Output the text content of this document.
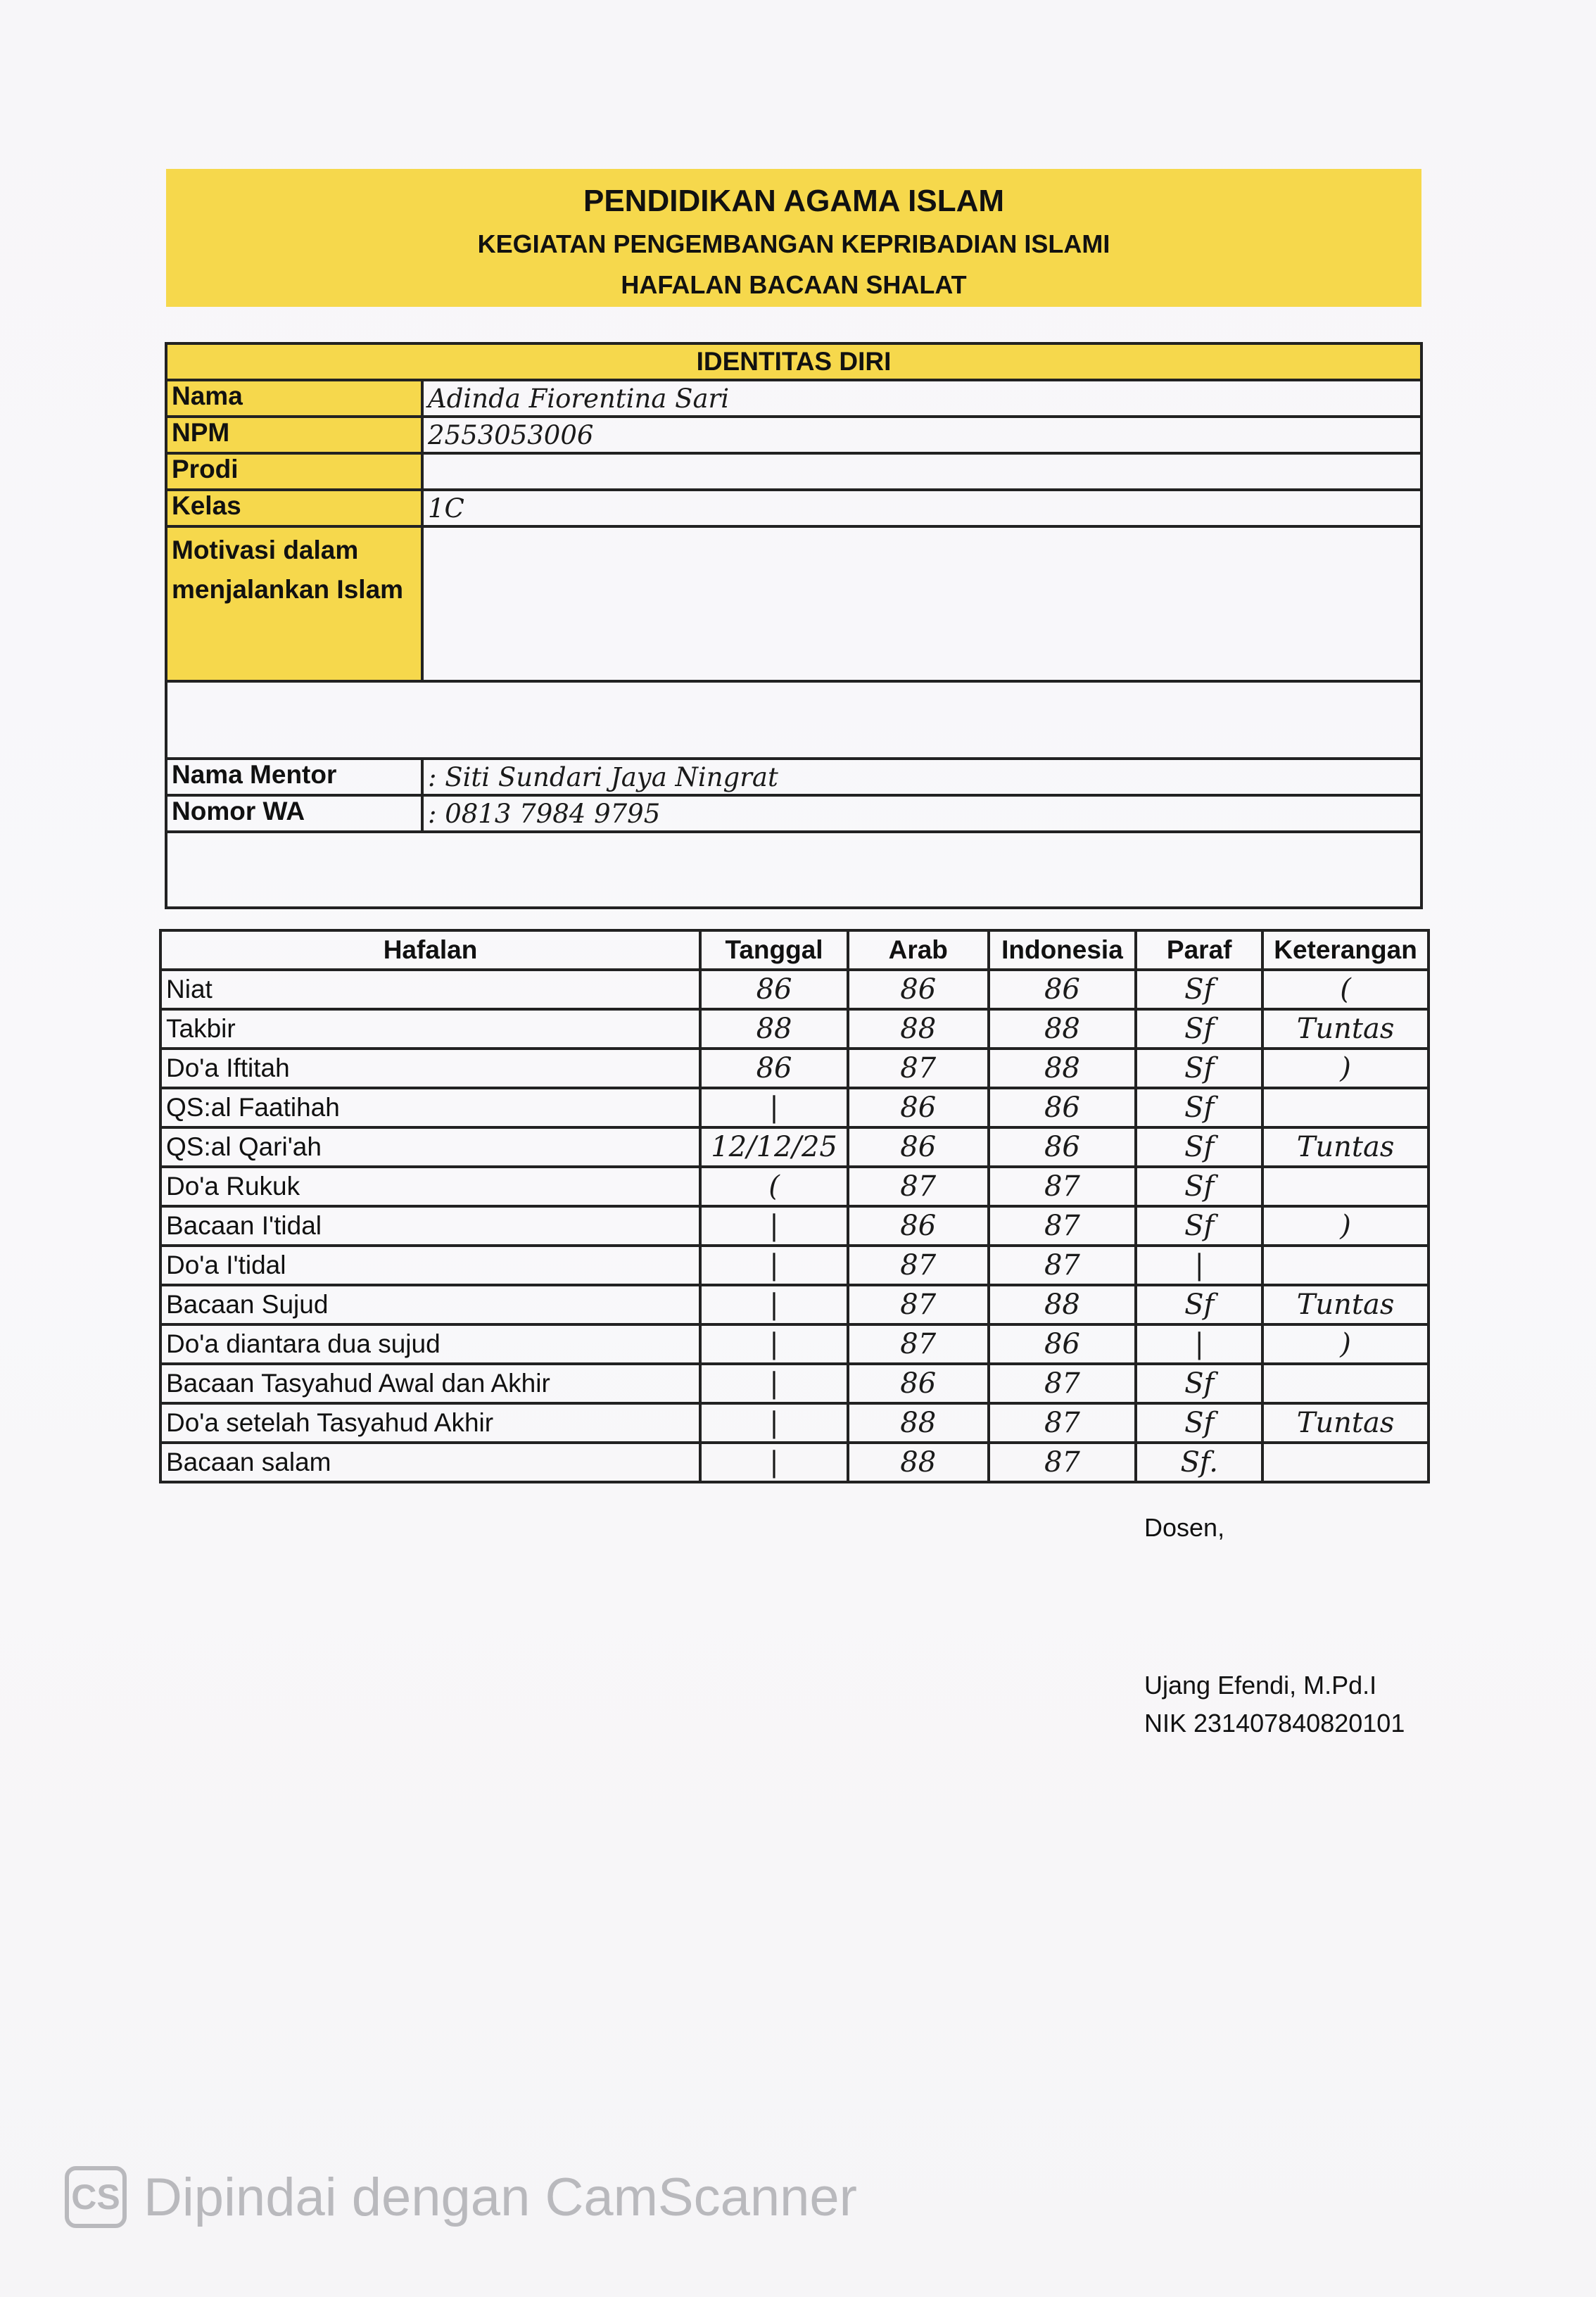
PENDIDIKAN AGAMA ISLAM
KEGIATAN PENGEMBANGAN KEPRIBADIAN ISLAMI
HAFALAN BACAAN SHALAT
IDENTITAS DIRI	
Nama	Adinda Fiorentina Sari
NPM	2553053006
Prodi	
Kelas	1C
Motivasi dalam menjalankan Islam	

Nama Mentor	: Siti Sundari Jaya Ningrat
Nomor WA	: 0813 7984 9795

Hafalan	Tanggal	Arab	Indonesia	Paraf	Keterangan
Niat	86	86	86	Sf	(
Takbir	88	88	88	Sf	Tuntas
Do'a Iftitah	86	87	88	Sf	)
QS:al Faatihah	|	86	86	Sf	
QS:al Qari'ah	12/12/25	86	86	Sf	Tuntas
Do'a Rukuk	(	87	87	Sf	
Bacaan I'tidal	|	86	87	Sf	)
Do'a I'tidal	|	87	87	|	
Bacaan Sujud	|	87	88	Sf	Tuntas
Do'a diantara dua sujud	|	87	86	|	)
Bacaan Tasyahud Awal dan Akhir	|	86	87	Sf	
Do'a setelah Tasyahud Akhir	|	88	87	Sf	Tuntas
Bacaan salam	|	88	87	Sf.	
Dosen,
Ujang Efendi, M.Pd.I
NIK 231407840820101
CS Dipindai dengan CamScanner
